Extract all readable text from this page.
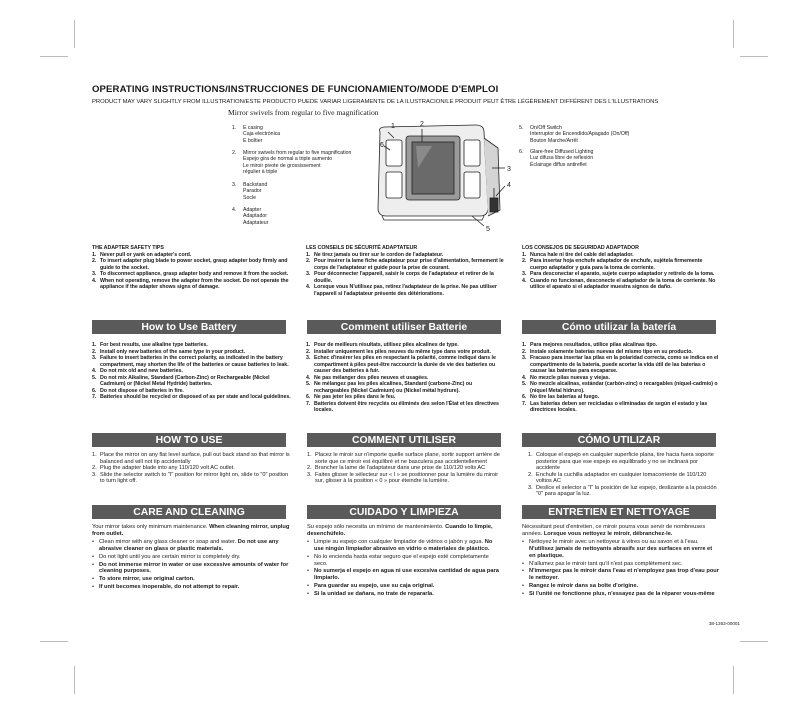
OPERATING INSTRUCTIONS/INSTRUCCIONES DE FUNCIONAMIENTO/MODE D'EMPLOI
PRODUCT MAY VARY SLIGHTLY FROM ILLUSTRATION/ESTE PRODUCTO PUEDE VARIAR LIGERAMENTE DE LA ILUSTRACION/LE PRODUIT PEUT ÊTRE LÉGÈREMENT DIFFÉRENT DES L'ILLUSTRATIONS
Mirror swivels from regular to five magnification
1. E casing
Caja electrónica
E boîtier
2. Mirror swivels from regular to five magnification
Espejo gira de normal a triple aumento
Le miroir pivote de grossissement
régulier à triple
3. Backstand
Parador
Socle
4. Adapter
Adaptador
Adaptateur
1	2
3
4
5
6
5. On/Off Switch
Interruptor de Encendido/Apagado (On/Off)
Bouton Marche/Arrêt
6. Glare-free Diffused Lighting
Luz difusa libre de reflexión
Éclairage diffus antireflet
THE ADAPTER SAFETY TIPS
1. Never pull or yank on adapter's cord.
2. To insert adapter plug blade to power socket, grasp adapter body firmly and guide to the socket.
3. To disconnect appliance, grasp adapter body and remove it from the socket.
4. When not operating, remove the adapter from the socket. Do not operate the appliance if the adapter shows signs of damage.
LES CONSEILS DE SÉCURITÉ ADAPTATEUR
1. Ne tirez jamais ou tirer sur le cordon de l'adaptateur.
2. Pour insérer la lame fiche adaptateur pour prise d'alimentation, fermement le corps de l'adaptateur et guide pour la prise de courant.
3. Pour déconnecter l'appareil, saisir le corps de l'adaptateur et retirer de la douille.
4. Lorsque vous N'utilisez pas, retirez l'adaptateur de la prise. Ne pas utiliser l'appareil si l'adaptateur présente des détériorations.
LOS CONSEJOS DE SEGURIDAD ADAPTADOR
1. Nunca hale ni tire del cable del adaptador.
2. Para insertar hoja enchufe adaptador de enchufe, sujétela firmemente cuerpo adaptador y guía para la toma de corriente.
3. Para desconectar el aparato, sujete cuerpo adaptador y retírelo de la toma.
4. Cuando no funcionan, desconecte el adaptador de la toma de corriente. No utilice el aparato si el adaptador muestra signos de daño.
How to Use Battery	Comment utiliser Batterie	Cómo utilizar la batería
1. For best results, use alkaline type batteries.
2. Install only new batteries of the same type in your product.
3. Failure to insert batteries in the correct polarity, as indicated in the battery compartment, may shorten the life of the batteries or cause batteries to leak.
4. Do not mix old and new batteries.
5. Do not mix Alkaline, Standard (Carbon-Zinc) or Rechargeable (Nickel Cadmium) or (Nickel Metal Hydride) batteries.
6. Do not dispose of batteries in fire.
7. Batteries should be recycled or disposed of as per state and local guidelines.
1. Pour de meilleurs résultats, utilisez piles alcalines de type.
2. Installer uniquement les piles neuves du même type dans votre produit.
3. Echec d'insérer les piles en respectant la polarité, comme indiqué dans le compartiment à piles peut-être raccourcir la durée de vie des batteries ou causer des batteries à fuir.
4. Ne pas mélanger des piles neuves et usagées.
5. Ne mélangez pas les piles alcalines, Standard (carbone-Zinc) ou rechargeables (Nickel Cadmium) ou (Nickel métal hydrure).
6. Ne pas jeter les piles dans le feu.
7. Batteries doivent être recyclés ou éliminés des selon l'État et les directives locales.
1. Para mejores resultados, utilice pilas alcalinas tipo.
2. Instale solamente baterías nuevas del mismo tipo en su producto.
3. Fracaso para insertar las pilas en la polaridad correcta, como se indica en el compartimento de la batería, puede acortar la vida útil de las baterías o causar las baterías para escaparse.
4. No mezcle pilas nuevas y viejas.
5. No mezcle alcalinas, estándar (carbón-zinc) o recargables (níquel-cadmio) o (níquel Metal hidruro).
6. No tire las baterías al fuego.
7. Las baterías deben ser recicladas o eliminadas de según el estado y las directrices locales.
HOW TO USE	COMMENT UTILISER	CÓMO UTILIZAR
1. Place the mirror on any flat level surface, pull out back stand so that mirror is balanced and will not tip accidentally
2. Plug the adapter blade into any 110/120 volt AC outlet.
3. Slide the selector switch to "I" position for mirror light on, slide to "0" position to turn light off.
1. Placez le miroir sur n'importe quelle surface plane, sortir support arrière de sorte que ce miroir est équilibré et ne basculera pas accidentellement
2. Brancher la lame de l'adaptateur dans une prise de 110/120 volts AC
3. Faites glisser le sélecteur sur « I » se positionner pour la lumière du miroir sur, glisser à la position « 0 » pour éteindre la lumière.
1. Coloque el espejo en cualquier superficie plana, tire hacia fuera soporte posterior para que ese espejo es equilibrado y no se inclinará por accidente
2. Enchufe la cuchilla adaptador en cualquier tomacorriente de 110/120 voltios AC
3. Deslice el selector a "I" la posición de luz espejo, deslizante a la posición "0" para apagar la luz.
CARE AND CLEANING	CUIDADO Y LIMPIEZA	ENTRETIEN ET NETTOYAGE
Your mirror takes only minimum maintenance. When cleaning mirror, unplug from outlet.
• Clean mirror with any glass cleaner or soap and water. Do not use any abrasive cleaner on glass or plastic materials.
• Do not light until you are certain mirror is completely dry.
• Do not immerse mirror in water or use excessive amounts of water for cleaning purposes.
• To store mirror, use original carton.
• If unit becomes inoperable, do not attempt to repair.
Su espejo sólo necesita un mínimo de mantenimiento. Cuando lo limpie, desenchúfelo.
• Limpie su espejo con cualquier limpiador de vidrios o jabón y agua. No use ningún limpiador abrasivo en vidrio o materiales de plástico.
• No lo encienda hasta estar seguro que el espejo esté completamente seco.
• No sumerja el espejo en agua ni use excesiva cantidad de agua para limpiarlo.
• Para guardar su espejo, use su caja original.
• Si la unidad se daňara, no trate de repararla.
Nécessitant peut d'entretien, ce miroir pourra vous servir de nombreuses années. Lorsque vous nettoyez le miroir, débranchez-le.
• Nettoyez le miroir avec un nettoyeur à vitres ou au savon et à l'eau. N'utilisez jamais de nettoyants abrasifs sur des surfaces en verre et en plastique.
• N'allumez pas le miroir tant qu'il n'est pas complètement sec.
• N'immergez pas le miroir dans l'eau et n'employez pas trop d'eau pour le nettoyer.
• Rangez le miroir dans sa boîte d'origine.
• Si l'unité ne fonctionne plus, n'essayez pas de la réparer vous-même
38-1363-00001
